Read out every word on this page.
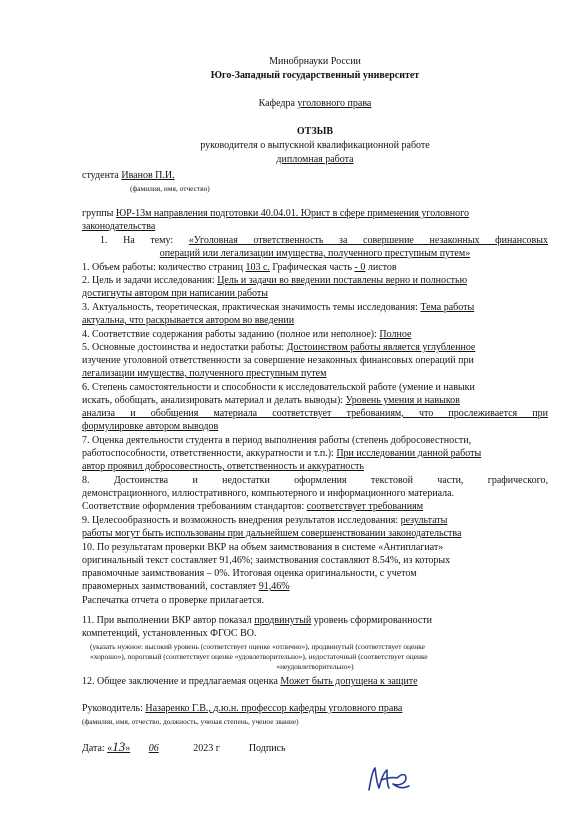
Минобрнауки России
Юго-Западный государственный университет
Кафедра уголовного права
ОТЗЫВ
руководителя о выпускной квалификационной работе
дипломная работа
студента Иванов П.И.
(фамилия, имя, отчество)
группы ЮР-13м направления подготовки 40.04.01. Юрист в сфере применения уголовного
законодательства
1. На тему: «Уголовная ответственность за совершение незаконных финансовых
операций или легализации имущества, полученного преступным путем»
1. Объем работы: количество страниц 103 с. Графическая часть - 0 листов
2. Цель и задачи исследования: Цель и задачи во введении поставлены верно и полностью
достигнуты автором при написании работы
3. Актуальность, теоретическая, практическая значимость темы исследования: Тема работы
актуальна, что раскрывается автором во введении
4. Соответствие содержания работы заданию (полное или неполное): Полное
5. Основные достоинства и недостатки работы: Достоинством работы является углубленное
изучение уголовной ответственности за совершение незаконных финансовых операций при
легализации имущества, полученного преступным путем
6. Степень самостоятельности и способности к исследовательской работе (умение и навыки
искать, обобщать, анализировать материал и делать выводы): Уровень умения и навыков
анализа и обобщения материала соответствует требованиям, что прослеживается при
формулировке автором выводов
7. Оценка деятельности студента в период выполнения работы (степень добросовестности,
работоспособности, ответственности, аккуратности и т.п.): При исследовании данной работы
автор проявил добросовестность, ответственность и аккуратность
8. Достоинства и недостатки оформления текстовой части, графического,
демонстрационного, иллюстративного, компьютерного и информационного материала.
Соответствие оформления требованиям стандартов: соответствует требованиям
9. Целесообразность и возможность внедрения результатов исследования: результаты
работы могут быть использованы при дальнейшем совершенствовании законодательства
10. По результатам проверки ВКР на объем заимствования в системе «Антиплагиат»
оригинальный текст составляет 91,46%; заимствования составляют 8.54%, из которых
правомочные заимствования – 0%. Итоговая оценка оригинальности, с учетом
правомерных заимствований, составляет 91,46%
Распечатка отчета о проверке прилагается.
11. При выполнении ВКР автор показал продвинутый уровень сформированности
компетенций, установленных ФГОС ВО.
(указать нужное: высокий уровень (соответствует оценке «отлично»), продвинутый (соответствует оценке
«хорошо»), пороговый (соответствует оценке «удовлетворительно»), недостаточный (соответствует оценке
«неудовлетворительно»)
12. Общее заключение и предлагаемая оценка Может быть допущена к защите
Руководитель: Назаренко Г.В., д.ю.н. профессор кафедры уголовного права
(фамилия, имя, отчество, должность, ученая степень, ученое звание)
Дата: «13» 06	2023 г	Подпись
